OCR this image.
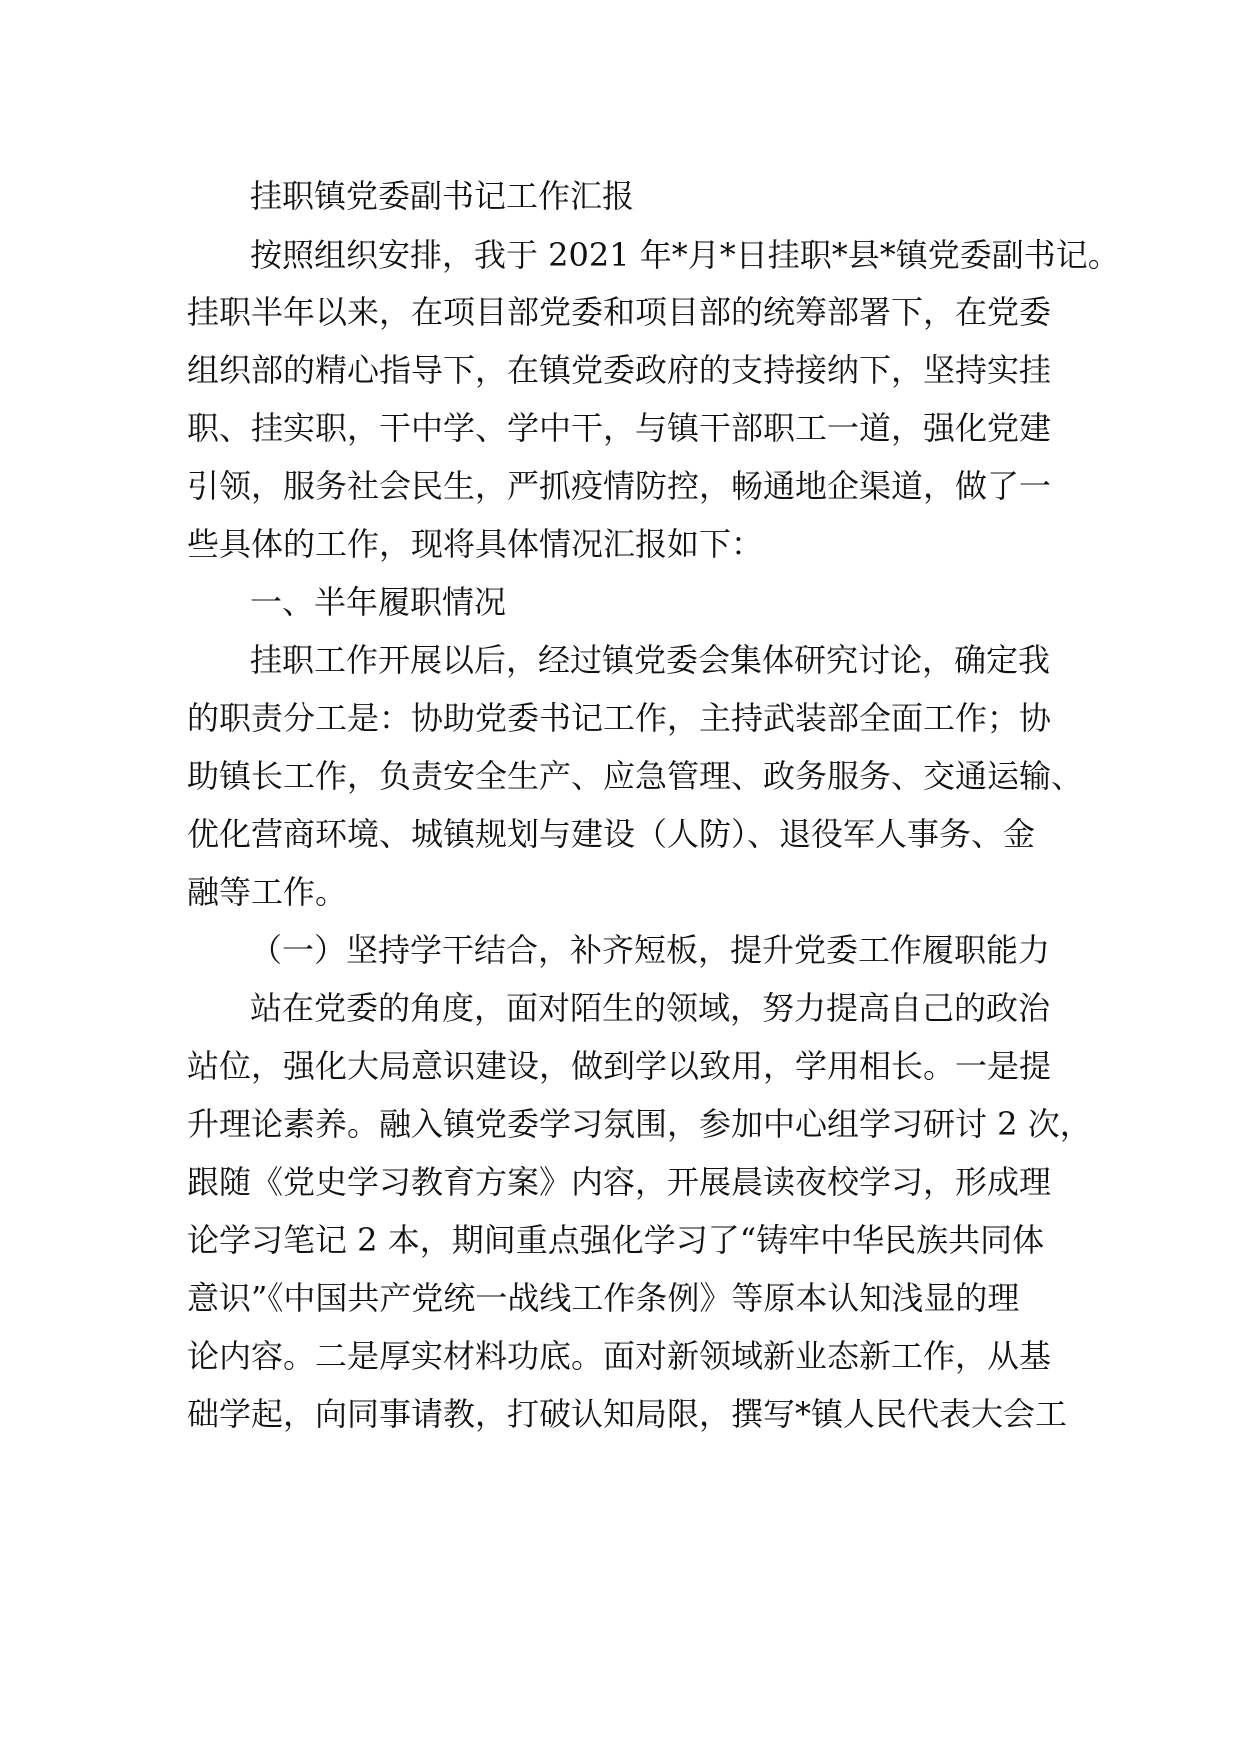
挂职镇党委副书记工作汇报
按照组织安排，我于 2021 年*月*日挂职*县*镇党委副书记。
挂职半年以来，在项目部党委和项目部的统筹部署下，在党委
组织部的精心指导下，在镇党委政府的支持接纳下，坚持实挂
职、挂实职，干中学、学中干，与镇干部职工一道，强化党建
引领，服务社会民生，严抓疫情防控，畅通地企渠道，做了一
些具体的工作，现将具体情况汇报如下：
一、半年履职情况
挂职工作开展以后，经过镇党委会集体研究讨论，确定我
的职责分工是：协助党委书记工作，主持武装部全面工作；协
助镇长工作，负责安全生产、应急管理、政务服务、交通运输、
优化营商环境、城镇规划与建设（人防）、退役军人事务、金
融等工作。
（一）坚持学干结合，补齐短板，提升党委工作履职能力
站在党委的角度，面对陌生的领域，努力提高自己的政治
站位，强化大局意识建设，做到学以致用，学用相长。一是提
升理论素养。融入镇党委学习氛围，参加中心组学习研讨 2 次，
跟随《党史学习教育方案》内容，开展晨读夜校学习，形成理
论学习笔记 2 本，期间重点强化学习了“铸牢中华民族共同体
意识”《中国共产党统一战线工作条例》等原本认知浅显的理
论内容。二是厚实材料功底。面对新领域新业态新工作，从基
础学起，向同事请教，打破认知局限，撰写*镇人民代表大会工
